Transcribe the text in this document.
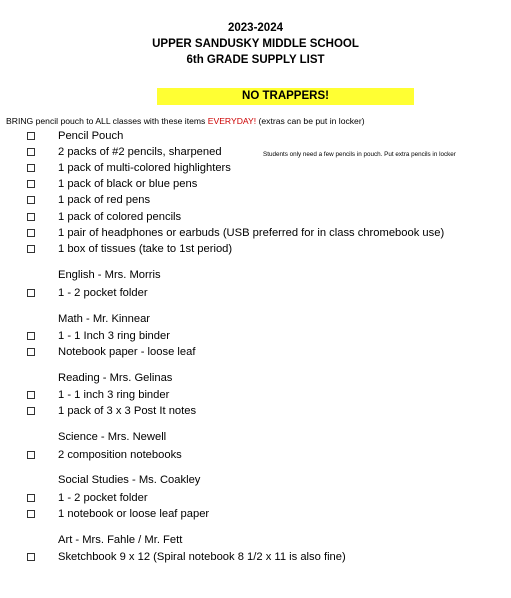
2023-2024
UPPER SANDUSKY MIDDLE SCHOOL
6th GRADE SUPPLY LIST
NO TRAPPERS!
BRING pencil pouch to ALL classes with these items EVERYDAY! (extras can be put in locker)
Students only need a few pencils in pouch. Put extra pencils in locker
Pencil Pouch
2 packs of #2 pencils, sharpened
1 pack of multi-colored highlighters
1 pack of black or blue pens
1 pack of red pens
1 pack of colored pencils
1 pair of headphones or earbuds (USB preferred for in class chromebook use)
1 box of tissues (take to 1st period)
English - Mrs. Morris
1 - 2 pocket folder
Math - Mr. Kinnear
1 - 1 Inch 3 ring binder
Notebook paper - loose leaf
Reading - Mrs. Gelinas
1 - 1 inch 3 ring binder
1 pack of 3 x 3 Post It notes
Science - Mrs. Newell
2 composition notebooks
Social Studies - Ms. Coakley
1 - 2 pocket folder
1 notebook or loose leaf paper
Art - Mrs. Fahle / Mr. Fett
Sketchbook 9 x 12 (Spiral notebook 8 1/2 x 11 is also fine)
